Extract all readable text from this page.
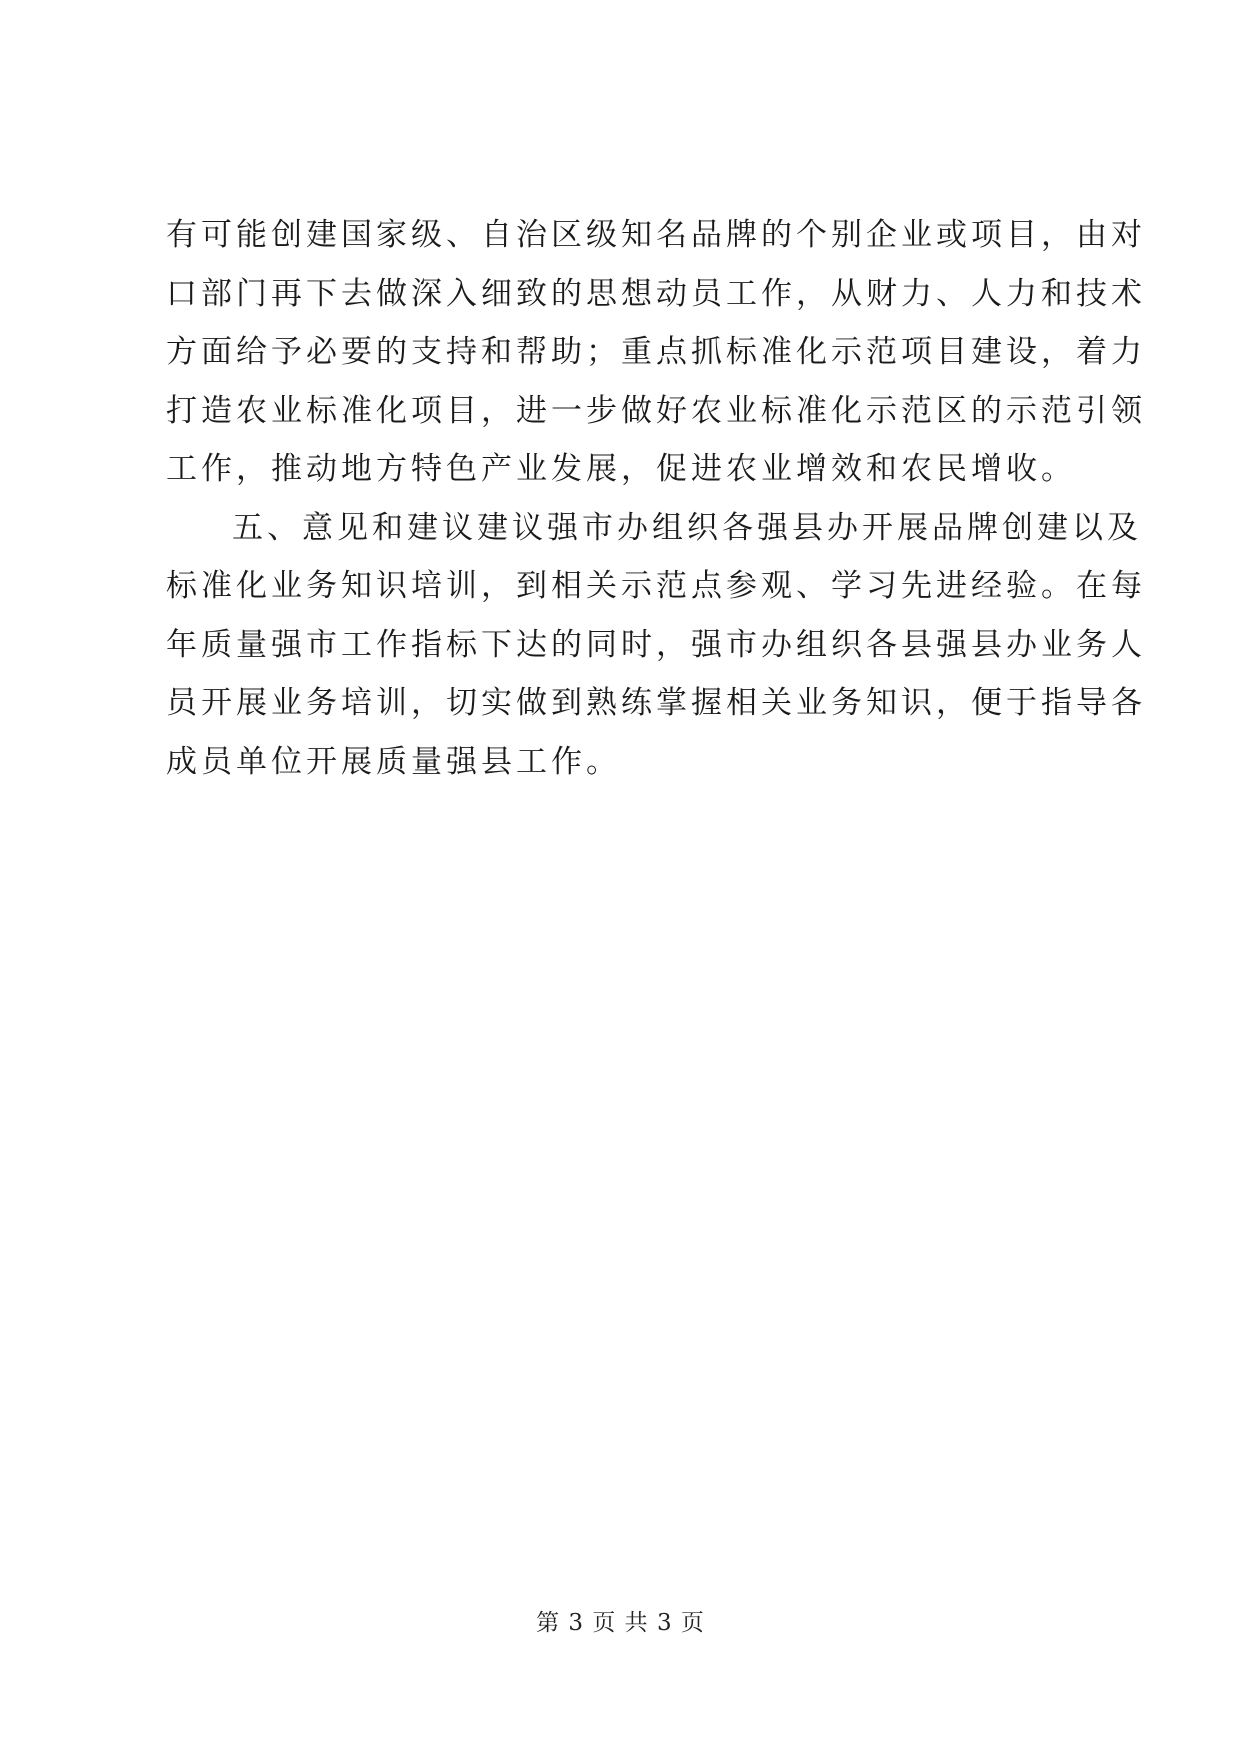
有可能创建国家级、自治区级知名品牌的个别企业或项目，由对
口部门再下去做深入细致的思想动员工作，从财力、人力和技术
方面给予必要的支持和帮助；重点抓标准化示范项目建设，着力
打造农业标准化项目，进一步做好农业标准化示范区的示范引领
工作，推动地方特色产业发展，促进农业增效和农民增收。
五、意见和建议建议强市办组织各强县办开展品牌创建以及
标准化业务知识培训，到相关示范点参观、学习先进经验。在每
年质量强市工作指标下达的同时，强市办组织各县强县办业务人
员开展业务培训，切实做到熟练掌握相关业务知识，便于指导各
成员单位开展质量强县工作。
第 3 页 共 3 页
